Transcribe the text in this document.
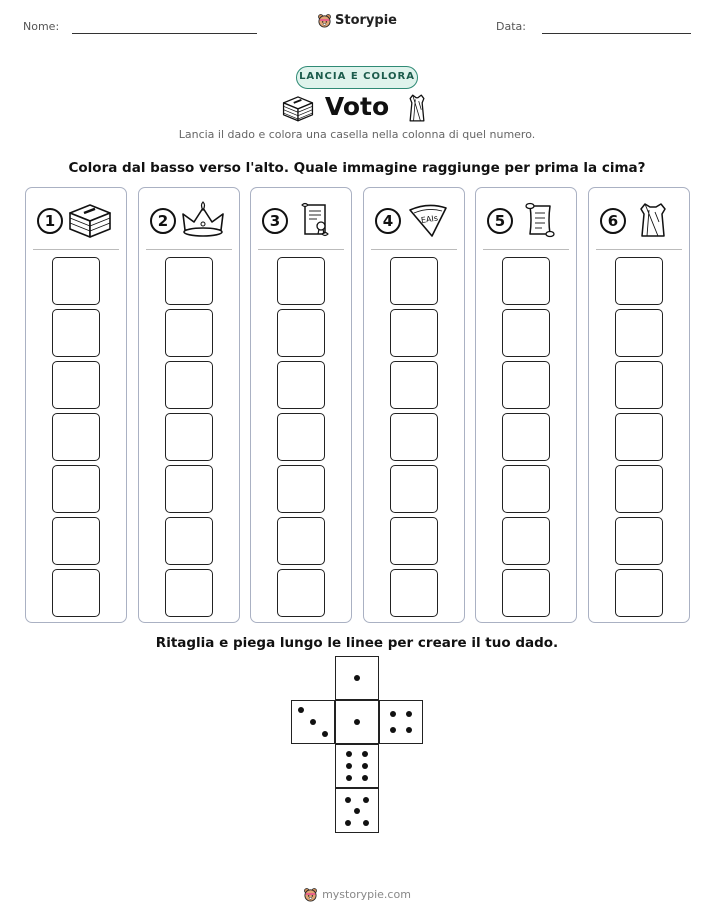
Nome:	Storypie	Data:
LANCIA E COLORA
Voto
Lancia il dado e colora una casella nella colonna di quel numero.
Colora dal basso verso l'alto. Quale immagine raggiunge per prima la cima?
1	2	3	4	EAIs	5	6
Ritaglia e piega lungo le linee per creare il tuo dado.
mystorypie.com
